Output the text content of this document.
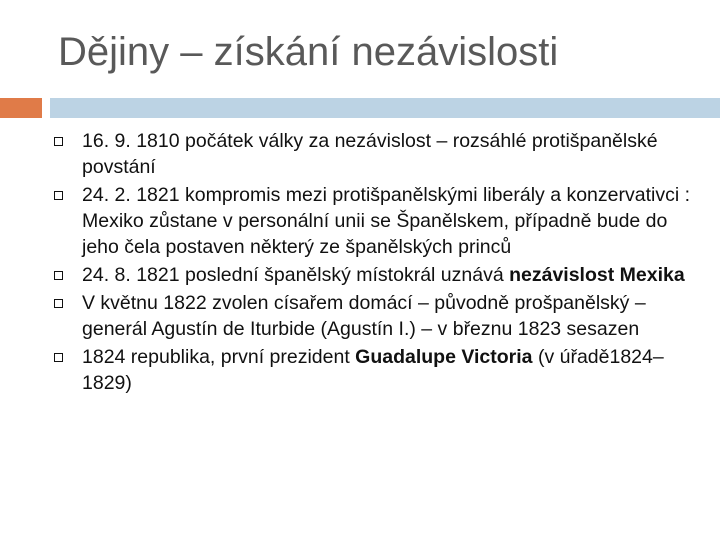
Dějiny – získání nezávislosti
16. 9. 1810 počátek války za nezávislost – rozsáhlé protišpanělské povstání
24. 2. 1821 kompromis mezi protišpanělskými liberály a konzervativci : Mexiko zůstane v personální unii se Španělskem, případně bude do jeho čela postaven některý ze španělských princů
24. 8. 1821 poslední španělský místokrál uznává nezávislost Mexika
V květnu 1822 zvolen císařem domácí – původně prošpanělský – generál Agustín de Iturbide (Agustín I.) – v březnu 1823 sesazen
1824 republika, první prezident Guadalupe Victoria (v úřadě1824–1829)
